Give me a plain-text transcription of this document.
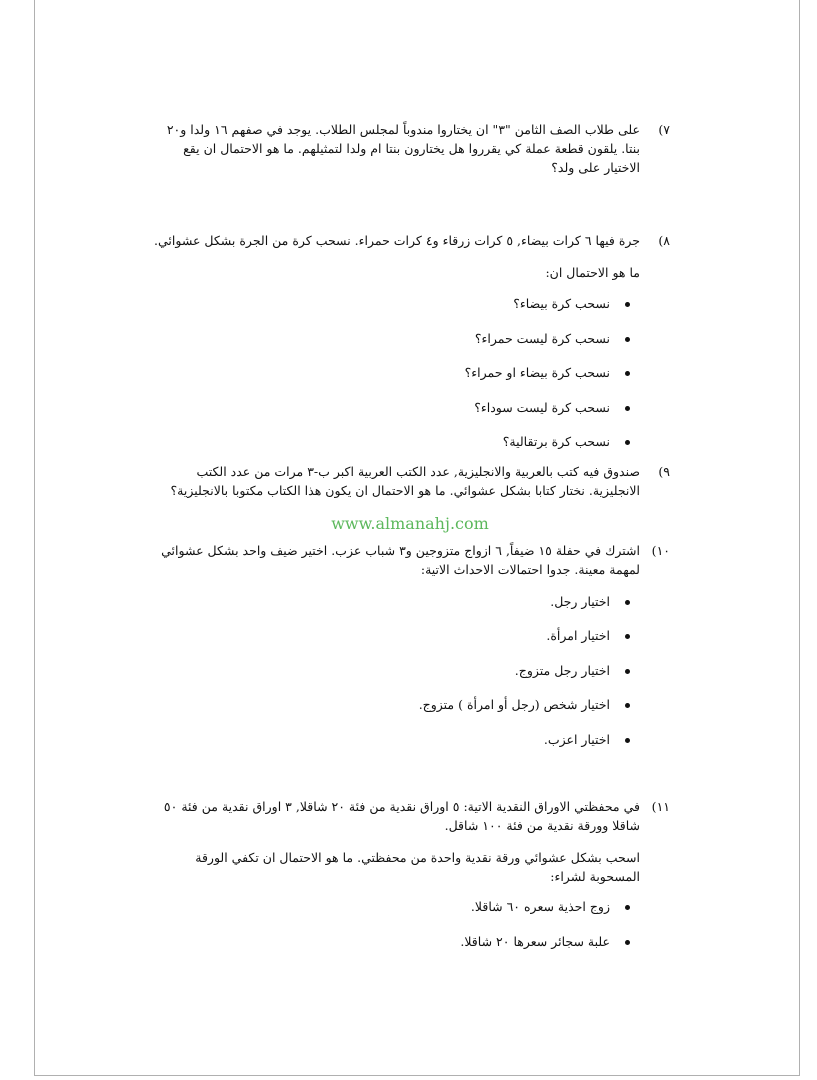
٧)
على طلاب الصف الثامن "٣" ان يختاروا مندوباً لمجلس الطلاب. يوجد في صفهم ١٦ ولدا و٢٠ بنتا. يلقون قطعة عملة كي يقرروا هل يختارون بنتا ام ولدا لتمثيلهم. ما هو الاحتمال ان يقع الاختيار على ولد؟
٨)
جرة فيها ٦ كرات بيضاء, ٥ كرات زرقاء و٤ كرات حمراء. نسحب كرة من الجرة بشكل عشوائي.

ما هو الاحتمال ان:

نسحب كرة بيضاء؟
نسحب كرة ليست حمراء؟
نسحب كرة بيضاء او حمراء؟
نسحب كرة ليست سوداء؟
نسحب كرة برتقالية؟
٩)
صندوق فيه كتب بالعربية والانجليزية, عدد الكتب العربية اكبر ب-٣ مرات من عدد الكتب الانجليزية. نختار كتابا بشكل عشوائي. ما هو الاحتمال ان يكون هذا الكتاب مكتوبا بالانجليزية؟

www.almanahj.com

١٠)
اشترك في حفلة ١٥ ضيفاً, ٦ ازواج متزوجين و٣ شباب عزب. اختير ضيف واحد بشكل عشوائي لمهمة معينة. جدوا احتمالات الاحداث الاتية:
اختيار رجل.
اختيار امرأة.
اختيار رجل متزوج.
اختيار شخص (رجل أو امرأة ) متزوج.
اختيار اعزب.
١١)
في محفظتي الاوراق النقدية الاتية: ٥ اوراق نقدية من فئة ٢٠ شاقلا, ٣ اوراق نقدية من فئة ٥٠ شاقلا وورقة نقدية من فئة ١٠٠ شاقل.

اسحب بشكل عشوائي ورقة نقدية واحدة من محفظتي. ما هو الاحتمال ان تكفي الورقة المسحوبة لشراء:

زوج احذية سعره ٦٠ شاقلا.
علبة سجائر سعرها ٢٠ شاقلا.
